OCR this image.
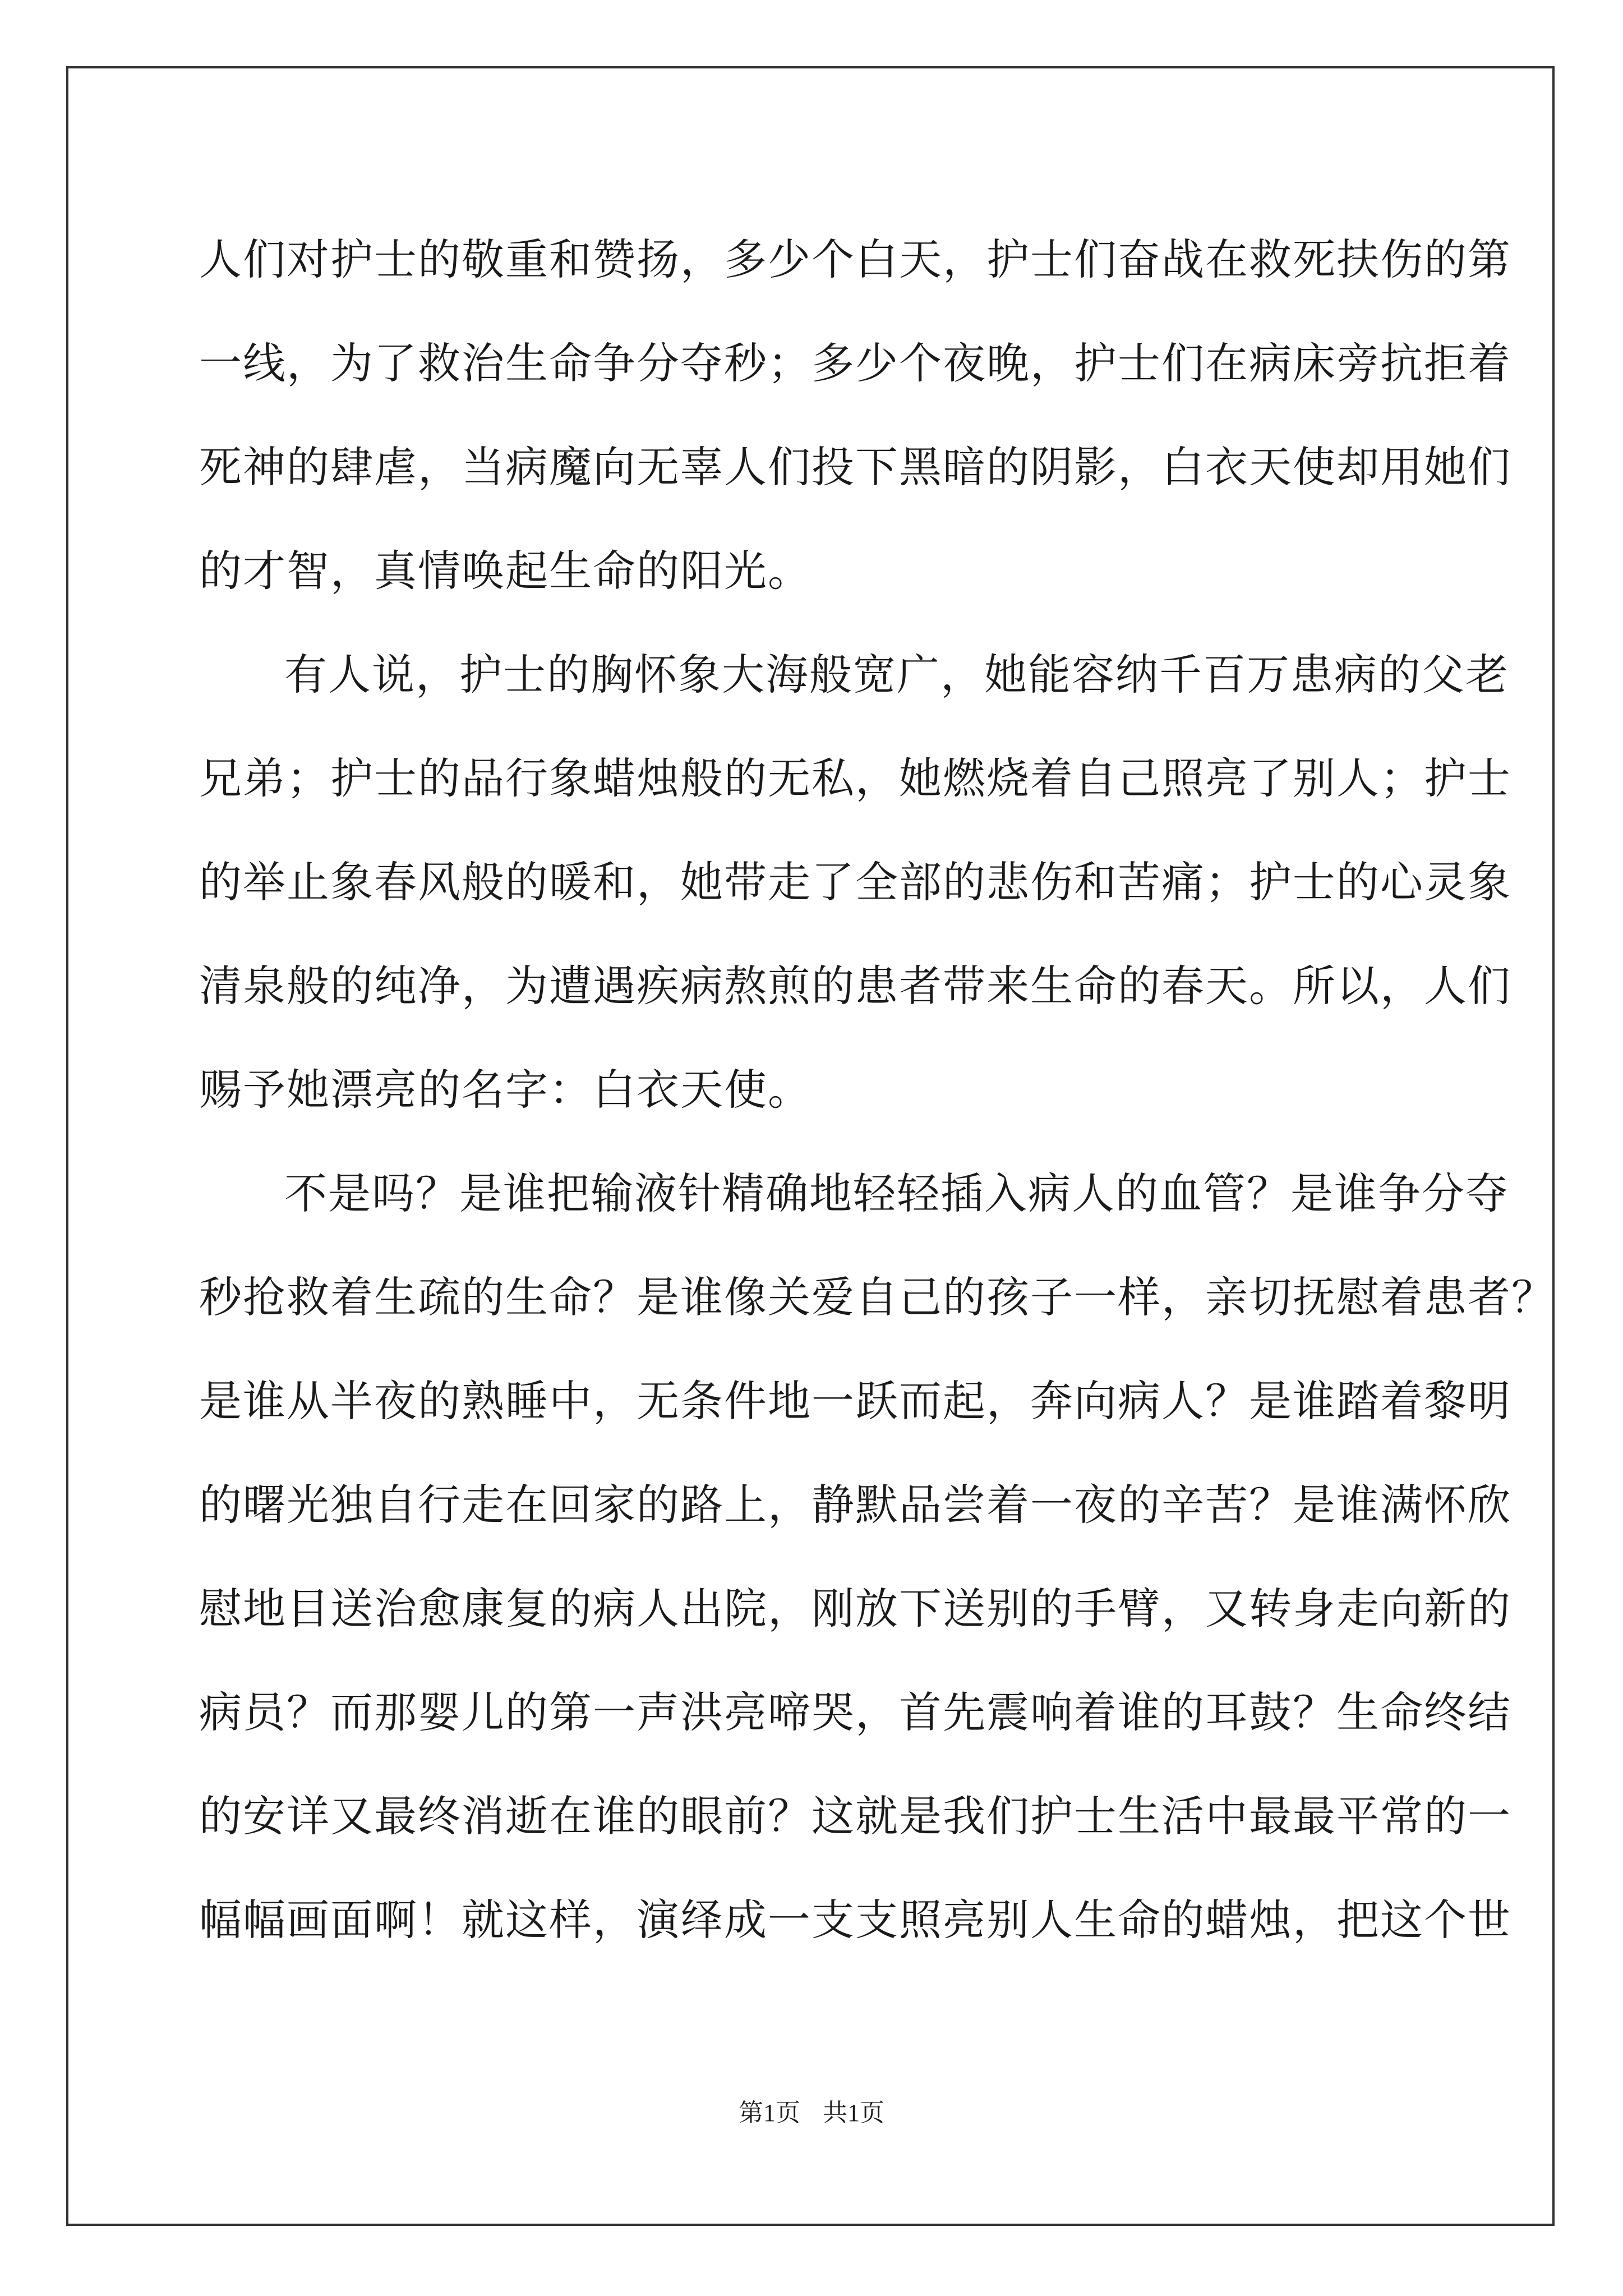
人们对护士的敬重和赞扬，多少个白天，护士们奋战在救死扶伤的第
一线，为了救治生命争分夺秒；多少个夜晚，护士们在病床旁抗拒着
死神的肆虐，当病魔向无辜人们投下黑暗的阴影，白衣天使却用她们
的才智，真情唤起生命的阳光。
有人说，护士的胸怀象大海般宽广，她能容纳千百万患病的父老
兄弟；护士的品行象蜡烛般的无私，她燃烧着自己照亮了别人；护士
的举止象春风般的暖和，她带走了全部的悲伤和苦痛；护士的心灵象
清泉般的纯净，为遭遇疾病熬煎的患者带来生命的春天。所以，人们
赐予她漂亮的名字：白衣天使。
不是吗？是谁把输液针精确地轻轻插入病人的血管？是谁争分夺
秒抢救着生疏的生命？是谁像关爱自己的孩子一样，亲切抚慰着患者？
是谁从半夜的熟睡中，无条件地一跃而起，奔向病人？是谁踏着黎明
的曙光独自行走在回家的路上，静默品尝着一夜的辛苦？是谁满怀欣
慰地目送治愈康复的病人出院，刚放下送别的手臂，又转身走向新的
病员？而那婴儿的第一声洪亮啼哭，首先震响着谁的耳鼓？生命终结
的安详又最终消逝在谁的眼前？这就是我们护士生活中最最平常的一
幅幅画面啊！就这样，演绎成一支支照亮别人生命的蜡烛，把这个世
第1页 共1页
